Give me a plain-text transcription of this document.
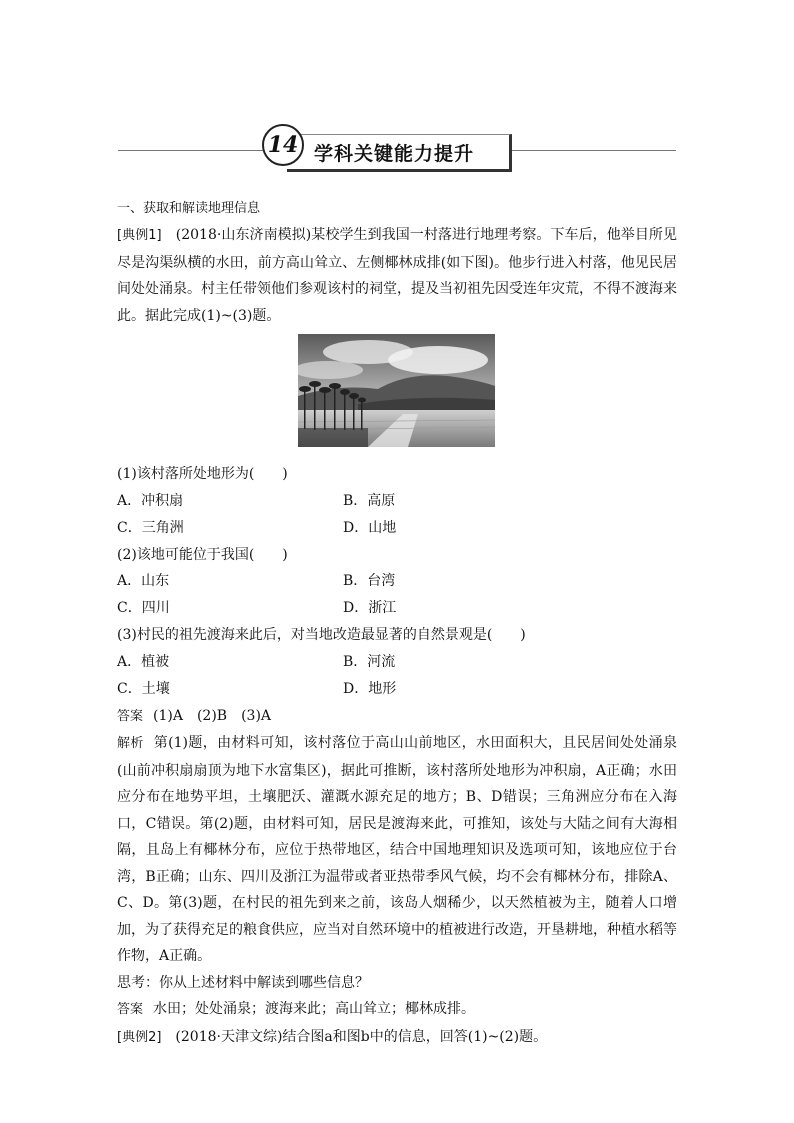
14 学科关键能力提升

一、获取和解读地理信息

[典例1]　 (2018·山东济南模拟)某校学生到我国一村落进行地理考察。下车后，他举目所见尽是沟渠纵横的水田，前方高山耸立、左侧椰林成排(如下图)。他步行进入村落，他见民居间处处涌泉。村主任带领他们参观该村的祠堂，提及当初祖先因受连年灾荒，不得不渡海来此。据此完成(1)~(3)题。

(1)该村落所处地形为(　　)

A．冲积扇	B．高原
C．三角洲	D．山地

(2)该地可能位于我国(　　)

A．山东	B．台湾
C．四川	D．浙江

(3)村民的祖先渡海来此后，对当地改造最显著的自然景观是(　　)

A．植被	B．河流
C．土壤	D．地形

答案 (1)A　(2)B　(3)A

解析 第(1)题，由材料可知，该村落位于高山山前地区，水田面积大，且民居间处处涌泉(山前冲积扇扇顶为地下水富集区)，据此可推断，该村落所处地形为冲积扇，A正确；水田应分布在地势平坦，土壤肥沃、灌溉水源充足的地方；B、D错误；三角洲应分布在入海口，C错误。第(2)题，由材料可知，居民是渡海来此，可推知，该处与大陆之间有大海相隔，且岛上有椰林分布，应位于热带地区，结合中国地理知识及选项可知，该地应位于台湾，B正确；山东、四川及浙江为温带或者亚热带季风气候，均不会有椰林分布，排除A、C、D。第(3)题，在村民的祖先到来之前，该岛人烟稀少，以天然植被为主，随着人口增加，为了获得充足的粮食供应，应当对自然环境中的植被进行改造，开垦耕地，种植水稻等作物，A正确。

思考：你从上述材料中解读到哪些信息？

答案 水田；处处涌泉；渡海来此；高山耸立；椰林成排。

[典例2]　 (2018·天津文综)结合图a和图b中的信息，回答(1)~(2)题。
